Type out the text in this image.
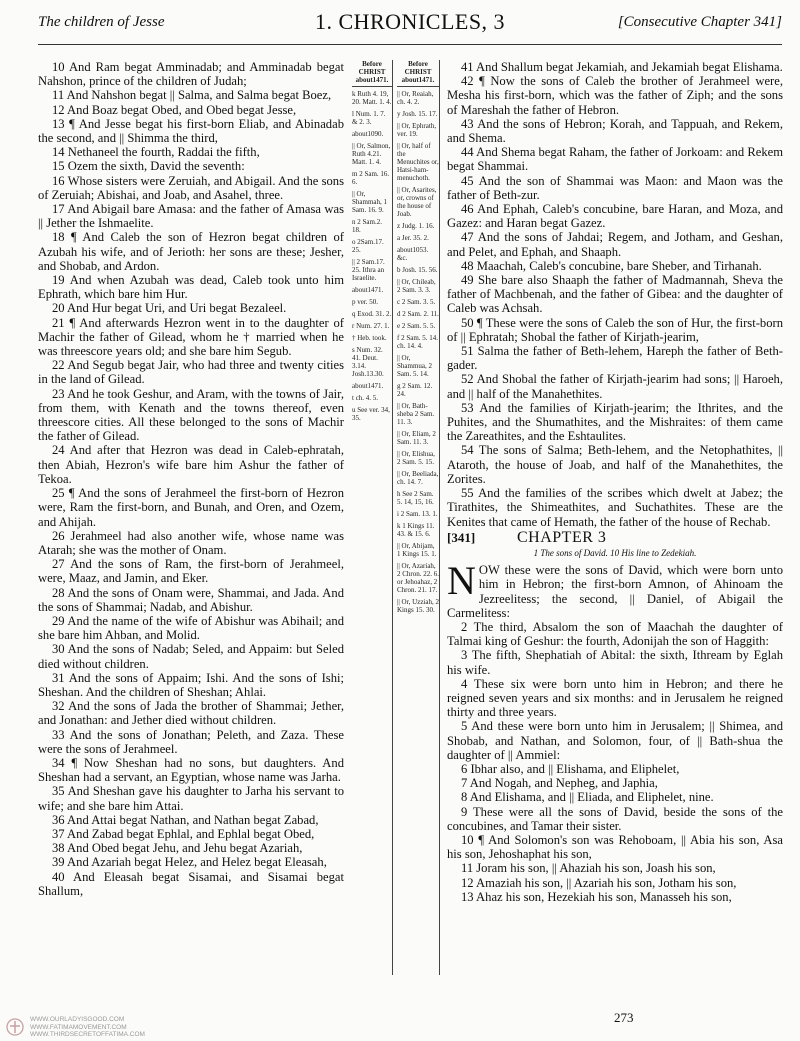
The children of Jesse	1. CHRONICLES, 3	[Consecutive Chapter 341]

10 And Ram begat Amminadab; and Amminadab begat Nahshon, prince of the children of Judah;

11 And Nahshon begat || Salma, and Salma begat Boez,

12 And Boaz begat Obed, and Obed begat Jesse,

13 ¶ And Jesse begat his first-born Eliab, and Abinadab the second, and || Shimma the third,

14 Nethaneel the fourth, Raddai the fifth,

15 Ozem the sixth, David the seventh:

16 Whose sisters were Zeruiah, and Abigail. And the sons of Zeruiah; Abishai, and Joab, and Asahel, three.

17 And Abigail bare Amasa: and the father of Amasa was || Jether the Ishmaelite.

18 ¶ And Caleb the son of Hezron begat children of Azubah his wife, and of Jerioth: her sons are these; Jesher, and Shobab, and Ardon.

19 And when Azubah was dead, Caleb took unto him Ephrath, which bare him Hur.

20 And Hur begat Uri, and Uri begat Bezaleel.

21 ¶ And afterwards Hezron went in to the daughter of Machir the father of Gilead, whom he † married when he was threescore years old; and she bare him Segub.

22 And Segub begat Jair, who had three and twenty cities in the land of Gilead.

23 And he took Geshur, and Aram, with the towns of Jair, from them, with Kenath and the towns thereof, even threescore cities. All these belonged to the sons of Machir the father of Gilead.

24 And after that Hezron was dead in Caleb-ephratah, then Abiah, Hezron's wife bare him Ashur the father of Tekoa.

25 ¶ And the sons of Jerahmeel the first-born of Hezron were, Ram the first-born, and Bunah, and Oren, and Ozem, and Ahijah.

26 Jerahmeel had also another wife, whose name was Atarah; she was the mother of Onam.

27 And the sons of Ram, the first-born of Jerahmeel, were, Maaz, and Jamin, and Eker.

28 And the sons of Onam were, Shammai, and Jada. And the sons of Shammai; Nadab, and Abishur.

29 And the name of the wife of Abishur was Abihail; and she bare him Ahban, and Molid.

30 And the sons of Nadab; Seled, and Appaim: but Seled died without children.

31 And the sons of Appaim; Ishi. And the sons of Ishi; Sheshan. And the children of Sheshan; Ahlai.

32 And the sons of Jada the brother of Shammai; Jether, and Jonathan: and Jether died without children.

33 And the sons of Jonathan; Peleth, and Zaza. These were the sons of Jerahmeel.

34 ¶ Now Sheshan had no sons, but daughters. And Sheshan had a servant, an Egyptian, whose name was Jarha.

35 And Sheshan gave his daughter to Jarha his servant to wife; and she bare him Attai.

36 And Attai begat Nathan, and Nathan begat Zabad,

37 And Zabad begat Ephlal, and Ephlal begat Obed,

38 And Obed begat Jehu, and Jehu begat Azariah,

39 And Azariah begat Helez, and Helez begat Eleasah,

40 And Eleasah begat Sisamai, and Sisamai begat Shallum,

Before CHRIST about1471.
k Ruth 4. 19, 20. Matt. 1. 4.
l Num. 1. 7. & 2. 3.
about1090.
|| Or, Salmon, Ruth 4.21. Matt. 1. 4.
m 2 Sam. 16. 6.
|| Or, Shammah, 1 Sam. 16. 9.
n 2 Sam.2. 18.
o 2Sam.17. 25.
|| 2 Sam.17. 25. Ithra an Israelite.
about1471.
p ver. 50.
q Exod. 31. 2.
r Num. 27. 1.
† Heb. took.
s Num. 32. 41. Deut. 3.14. Josh.13.30.
about1471.
t ch. 4. 5.
u See ver. 34, 35.
Before CHRIST about1471.
|| Or, Reaiah, ch. 4. 2.
y Josh. 15. 17.
|| Or, Ephrath, ver. 19.
|| Or, half of the Menuchites or, Hatsi-ham-menuchoth.
|| Or, Asarites, or, crowns of the house of Joab.
z Judg. 1. 16.
a Jer. 35. 2.
about1053. &c.
b Josh. 15. 56.
|| Or, Chileab, 2 Sam. 3. 3.
c 2 Sam. 3. 5.
d 2 Sam. 2. 11.
e 2 Sam. 5. 5.
f 2 Sam. 5. 14. ch. 14. 4.
|| Or, Shammua, 2 Sam. 5. 14.
g 2 Sam. 12. 24.
|| Or, Bath-sheba 2 Sam. 11. 3.
|| Or, Eliam, 2 Sam. 11. 3.
|| Or, Elishua, 2 Sam. 5. 15.
|| Or, Beeliada, ch. 14. 7.
h See 2 Sam. 5. 14, 15, 16.
i 2 Sam. 13. 1.
k 1 Kings 11. 43. & 15. 6.
|| Or, Abijam, 1 Kings 15. 1.
|| Or, Azariah, 2 Chron. 22. 6. or Jehoahaz, 2 Chron. 21. 17.
|| Or, Uzziah, 2 Kings 15. 30.

41 And Shallum begat Jekamiah, and Jekamiah begat Elishama.

42 ¶ Now the sons of Caleb the brother of Jerahmeel were, Mesha his first-born, which was the father of Ziph; and the sons of Mareshah the father of Hebron.

43 And the sons of Hebron; Korah, and Tappuah, and Rekem, and Shema.

44 And Shema begat Raham, the father of Jorkoam: and Rekem begat Shammai.

45 And the son of Shammai was Maon: and Maon was the father of Beth-zur.

46 And Ephah, Caleb's concubine, bare Haran, and Moza, and Gazez: and Haran begat Gazez.

47 And the sons of Jahdai; Regem, and Jotham, and Geshan, and Pelet, and Ephah, and Shaaph.

48 Maachah, Caleb's concubine, bare Sheber, and Tirhanah.

49 She bare also Shaaph the father of Madmannah, Sheva the father of Machbenah, and the father of Gibea: and the daughter of Caleb was Achsah.

50 ¶ These were the sons of Caleb the son of Hur, the first-born of || Ephratah; Shobal the father of Kirjath-jearim,

51 Salma the father of Beth-lehem, Hareph the father of Beth-gader.

52 And Shobal the father of Kirjath-jearim had sons; || Haroeh, and || half of the Manahethites.

53 And the families of Kirjath-jearim; the Ithrites, and the Puhites, and the Shumathites, and the Mishraites: of them came the Zareathites, and the Eshtaulites.

54 The sons of Salma; Beth-lehem, and the Netophathites, || Ataroth, the house of Joab, and half of the Manahethites, the Zorites.

55 And the families of the scribes which dwelt at Jabez; the Tirathites, the Shimeathites, and Suchathites. These are the Kenites that came of Hemath, the father of the house of Rechab.

[341]	CHAPTER 3
1 The sons of David. 10 His line to Zedekiah.

NOW these were the sons of David, which were born unto him in Hebron; the first-born Amnon, of Ahinoam the Jezreelitess; the second, || Daniel, of Abigail the Carmelitess:

2 The third, Absalom the son of Maachah the daughter of Talmai king of Geshur: the fourth, Adonijah the son of Haggith:

3 The fifth, Shephatiah of Abital: the sixth, Ithream by Eglah his wife.

4 These six were born unto him in Hebron; and there he reigned seven years and six months: and in Jerusalem he reigned thirty and three years.

5 And these were born unto him in Jerusalem; || Shimea, and Shobab, and Nathan, and Solomon, four, of || Bath-shua the daughter of || Ammiel:

6 Ibhar also, and || Elishama, and Eliphelet,

7 And Nogah, and Nepheg, and Japhia,

8 And Elishama, and || Eliada, and Eliphelet, nine.

9 These were all the sons of David, beside the sons of the concubines, and Tamar their sister.

10 ¶ And Solomon's son was Rehoboam, || Abia his son, Asa his son, Jehoshaphat his son,

11 Joram his son, || Ahaziah his son, Joash his son,

12 Amaziah his son, || Azariah his son, Jotham his son,

13 Ahaz his son, Hezekiah his son, Manasseh his son,

WWW.OURLADYISGOOD.COM
WWW.FATIMAMOVEMENT.COM
WWW.THIRDSECRETOFFATIMA.COM
273
